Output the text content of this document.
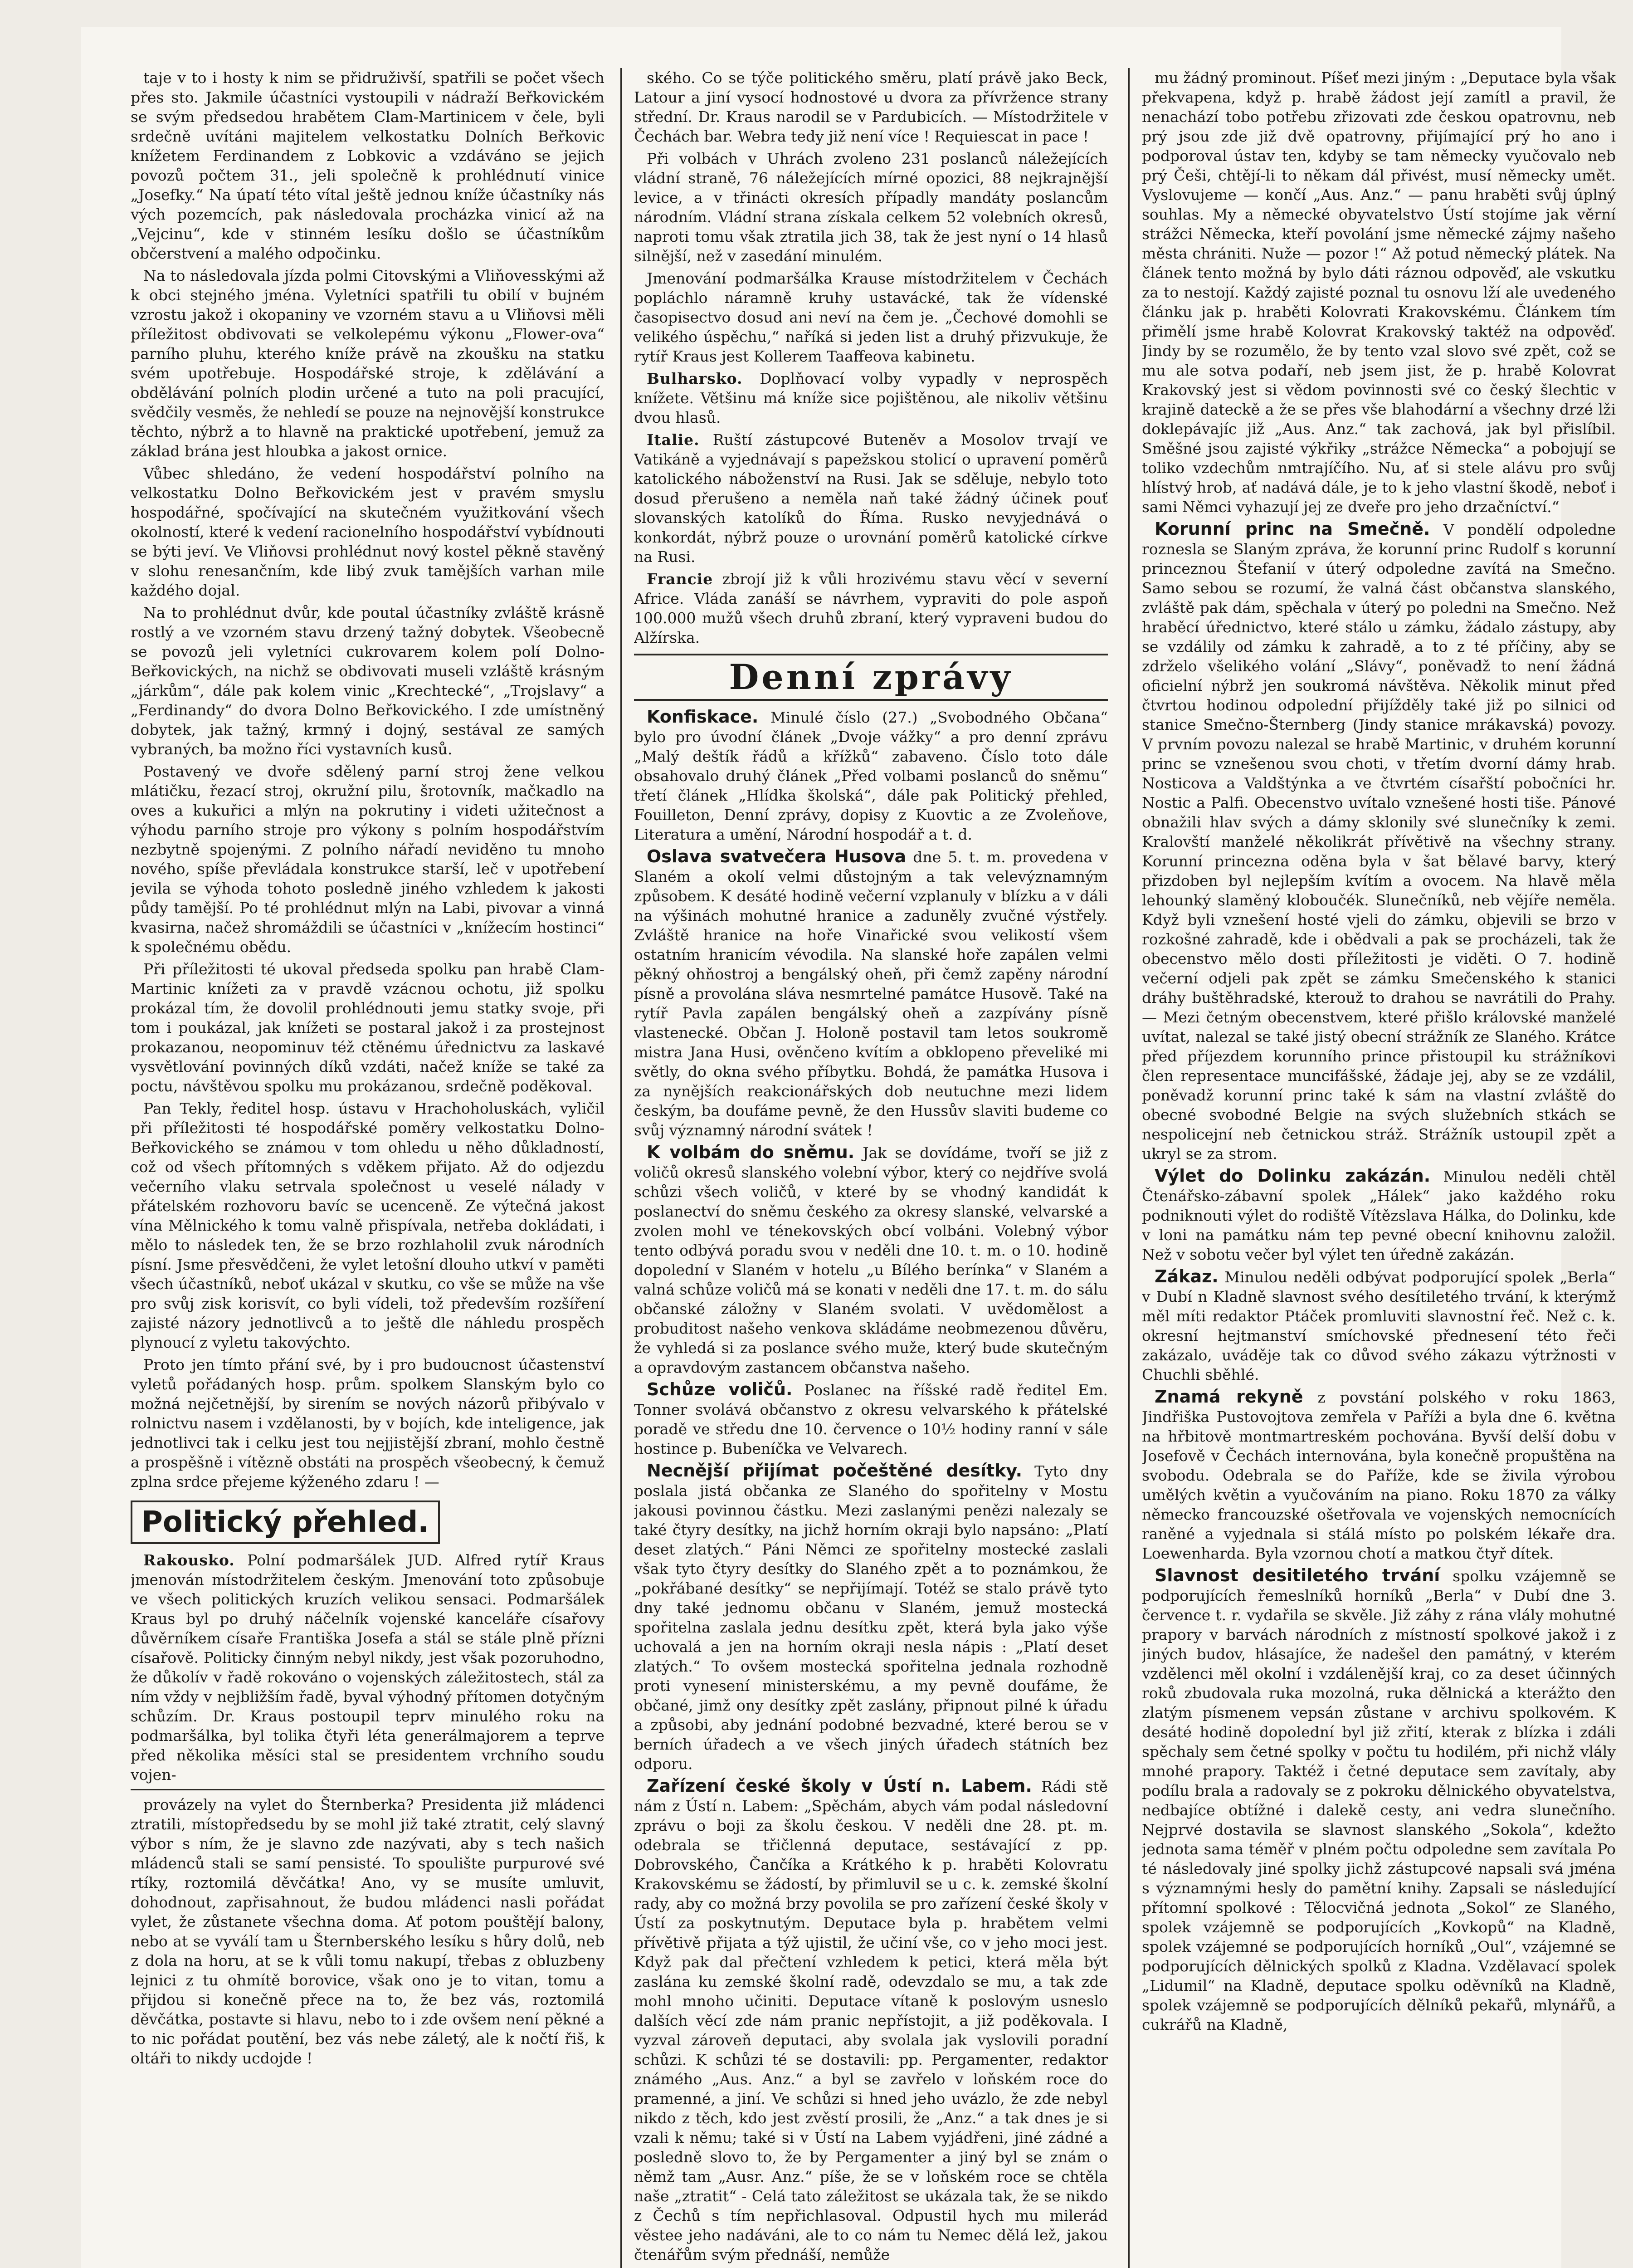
taje v to i hosty k nim se přidruživší, spatřili se počet všech přes sto. Jakmile účastníci vystoupili v nádraží Beřkovickém se svým předsedou hrabětem Clam-Martinicem v čele, byli srdečně uvítáni majitelem velkostatku Dolních Beřkovic knížetem Ferdinandem z Lobkovic a vzdáváno se jejich povozů počtem 31., jeli společně k prohlédnutí vinice „Josefky.“ Na úpatí této vítal ještě jednou kníže účastníky nás vých pozemcích, pak následovala procházka vinicí až na „Vejcinu“, kde v stinném lesíku došlo se účastníkům občerstvení a malého odpočinku.

Na to následovala jízda polmi Citovskými a Vliňovesskými až k obci stejného jména. Vyletníci spatřili tu obilí v bujném vzrostu jakož i okopaniny ve vzorném stavu a u Vliňovsi měli příležitost obdivovati se velkolepému výkonu „Flower-ova“ parního pluhu, kterého kníže právě na zkoušku na statku svém upotřebuje. Hospodářské stroje, k zdělávání a obdělávání polních plodin určené a tuto na poli pracující, svědčily vesměs, že nehledí se pouze na nejnovější konstrukce těchto, nýbrž a to hlavně na praktické upotřebení, jemuž za základ brána jest hloubka a jakost ornice.

Vůbec shledáno, že vedení hospodářství polního na velkostatku Dolno Beřkovickém jest v pravém smyslu hospodářné, spočívající na skutečném využitkování všech okolností, které k vedení racionelního hospodářství vybídnouti se býti jeví. Ve Vliňovsi prohlédnut nový kostel pěkně stavěný v slohu renesančním, kde libý zvuk tamějších varhan mile každého dojal.

Na to prohlédnut dvůr, kde poutal účastníky zvláště krásně rostlý a ve vzorném stavu drzený tažný dobytek. Všeobecně se povozů jeli vyletníci cukrovarem kolem polí Dolno-Beřkovických, na nichž se obdivovati museli vzláště krásným „járkům“, dále pak kolem vinic „Krechtecké“, „Trojslavy“ a „Ferdinandy“ do dvora Dolno Beřkovického. I zde umístněný dobytek, jak tažný, krmný i dojný, sestával ze samých vybraných, ba možno říci vystavních kusů.

Postavený ve dvoře sdělený parní stroj žene velkou mlátičku, řezací stroj, okružní pilu, šrotovník, mačkadlo na oves a kukuřici a mlýn na pokrutiny i videti užitečnost a výhodu parního stroje pro výkony s polním hospodářstvím nezbytně spojenými. Z polního nářadí neviděno tu mnoho nového, spíše převládala konstrukce starší, leč v upotřebení jevila se výhoda tohoto posledně jiného vzhledem k jakosti půdy tamější. Po té prohlédnut mlýn na Labi, pivovar a vinná kvasirna, načež shromáždili se účastníci v „knížecím hostinci“ k společnému obědu.

Při příležitosti té ukoval předseda spolku pan hrabě Clam-Martinic knížeti za v pravdě vzácnou ochotu, již spolku prokázal tím, že dovolil prohlédnouti jemu statky svoje, při tom i poukázal, jak knížeti se postaral jakož i za prostejnost prokazanou, neopominuv též ctěnému úřednictvu za laskavé vysvětlování povinných díků vzdáti, načež kníže se také za poctu, návštěvou spolku mu prokázanou, srdečně poděkoval.

Pan Tekly, ředitel hosp. ústavu v Hrachoholuskách, vyličil při příležitosti té hospodářské poměry velkostatku Dolno-Beřkovického se známou v tom ohledu u něho důkladností, což od všech přítomných s vděkem přijato. Až do odjezdu večerního vlaku setrvala společnost u veselé nálady v přátelském rozhovoru bavíc se ucenceně. Ze výtečná jakost vína Mělnického k tomu valně přispívala, netřeba dokládati, i mělo to následek ten, že se brzo rozhlaholil zvuk národních písní. Jsme přesvědčeni, že vylet letošní dlouho utkví v paměti všech účastníků, neboť ukázal v skutku, co vše se může na vše pro svůj zisk korisvít, co byli vídeli, tož především rozšíření zajisté názory jednotlivců a to ještě dle náhledu prospěch plynoucí z vyletu takovýchto.

Proto jen tímto přání své, by i pro budoucnost účastenství vyletů pořádaných hosp. prům. spolkem Slanským bylo co možná nejčetnější, by sirením se nových názorů přibývalo v rolnictvu nasem i vzdělanosti, by v bojích, kde inteligence, jak jednotlivci tak i celku jest tou nejjistější zbraní, mohlo čestně a prospěšně i vítězně obstáti na prospěch všeobecný, k čemuž zplna srdce přejeme kýženého zdaru ! —

Politický přehled.

Rakousko. Polní podmaršálek JUD. Alfred rytíř Kraus jmenován místodržitelem českým. Jmenování toto způsobuje ve všech politických kruzích velikou sensaci. Podmaršálek Kraus byl po druhý náčelník vojenské kanceláře císařovy důvěrníkem císaře Františka Josefa a stál se stále plně přízni císařově. Politicky činným nebyl nikdy, jest však pozoruhodno, že důkolív v řadě rokováno o vojenských záležitostech, stál za ním vždy v nejbližším řadě, byval výhodný přítomen dotyčným schůzím. Dr. Kraus postoupil teprv minulého roku na podmaršálka, byl tolika čtyři léta generálmajorem a teprve před několika měsíci stal se presidentem vrchního soudu vojen-

provázely na vylet do Šternberka? Presidenta již mládenci ztratili, místopředsedu by se mohl již také ztratit, celý slavný výbor s ním, že je slavno zde nazývati, aby s tech našich mládenců stali se samí pensisté. To spoulište purpurové své rtíky, roztomilá děvčátka! Ano, vy se musíte umluvit, dohodnout, zapřisahnout, že budou mládenci nasli pořádat vylet, že zůstanete všechna doma. Ať potom pouštějí balony, nebo at se vyválí tam u Šternberského lesíku s hůry dolů, neb z dola na horu, at se k vůli tomu nakupí, třebas z obluzbeny lejnici z tu ohmítě borovice, však ono je to vitan, tomu a přijdou si konečně přece na to, že bez vás, roztomilá děvčátka, postavte si hlavu, nebo to i zde ovšem není pěkné a to nic pořádat poutění, bez vás nebe záletý, ale k nočtí řiš, k oltáři to nikdy ucdojde !

ského. Co se týče politického směru, platí právě jako Beck, Latour a jiní vysocí hodnostové u dvora za přívržence strany střední. Dr. Kraus narodil se v Pardubicích. — Místodržitele v Čechách bar. Webra tedy již není více ! Requiescat in pace !

Při volbách v Uhrách zvoleno 231 poslanců náležejících vládní straně, 76 náležejících mírné opozici, 88 nejkrajnější levice, a v třinácti okresích případly mandáty poslancům národním. Vládní strana získala celkem 52 volebních okresů, naproti tomu však ztratila jich 38, tak že jest nyní o 14 hlasů silnější, než v zasedání minulém.

Jmenování podmaršálka Krause místodržitelem v Čechách popláchlo náramně kruhy ustavácké, tak že vídenské časopisectvo dosud ani neví na čem je. „Čechové domohli se velikého úspěchu,“ naříká si jeden list a druhý přizvukuje, že rytíř Kraus jest Kollerem Taaffeova kabinetu.

Bulharsko. Doplňovací volby vypadly v neprospěch knížete. Většinu má kníže sice pojištěnou, ale nikoliv většinu dvou hlasů.

Italie. Ruští zástupcové Buteněv a Mosolov trvají ve Vatikáně a vyjednávají s papežskou stolicí o upravení poměrů katolického náboženství na Rusi. Jak se sděluje, nebylo toto dosud přerušeno a neměla naň také žádný účinek pouť slovanských katolíků do Říma. Rusko nevyjednává o konkordát, nýbrž pouze o urovnání poměrů katolické církve na Rusi.

Francie zbrojí již k vůli hrozivému stavu věcí v severní Africe. Vláda zanáší se návrhem, vypraviti do pole aspoň 100.000 mužů všech druhů zbraní, který vypraveni budou do Alžírska.

Denní zprávy

Konfiskace. Minulé číslo (27.) „Svobodného Občana“ bylo pro úvodní článek „Dvoje vážky“ a pro denní zprávu „Malý deštík řádů a křížků“ zabaveno. Číslo toto dále obsahovalo druhý článek „Před volbami poslanců do sněmu“ třetí článek „Hlídka školská“, dále pak Politický přehled, Fouilleton, Denní zprávy, dopisy z Kuovtic a ze Zvoleňove, Literatura a umění, Národní hospodář a t. d.

Oslava svatvečera Husova dne 5. t. m. provedena v Slaném a okolí velmi důstojným a tak velevýznamným způsobem. K desáté hodině večerní vzplanuly v blízku a v dáli na výšinách mohutné hranice a zaduněly zvučné výstřely. Zvláště hranice na hoře Vinařické svou velikostí všem ostatním hranicím vévodila. Na slanské hoře zapálen velmi pěkný ohňostroj a bengálský oheň, při čemž zapěny národní písně a provolána sláva nesmrtelné památce Husově. Také na rytíř Pavla zapálen bengálský oheň a zazpívány písně vlastenecké. Občan J. Holoně postavil tam letos soukromě mistra Jana Husi, ověnčeno kvítím a obklopeno převeliké mi světly, do okna svého příbytku. Bohdá, že památka Husova i za nynějších reakcionářských dob neutuchne mezi lidem českým, ba doufáme pevně, že den Hussův slaviti budeme co svůj významný národní svátek !

K volbám do sněmu. Jak se dovídáme, tvoří se již z voličů okresů slanského volební výbor, který co nejdříve svolá schůzi všech voličů, v které by se vhodný kandidát k poslanectví do sněmu českého za okresy slanské, velvarské a zvolen mohl ve ténekovských obcí volbáni. Volebný výbor tento odbývá poradu svou v neděli dne 10. t. m. o 10. hodině dopolední v Slaném v hotelu „u Bílého berínka“ v Slaném a valná schůze voličů má se konati v neděli dne 17. t. m. do sálu občanské záložny v Slaném svolati. V uvědomělost a probuditost našeho venkova skládáme neobmezenou důvěru, že vyhledá si za poslance svého muže, který bude skutečným a opravdovým zastancem občanstva našeho.

Schůze voličů. Poslanec na říšské radě ředitel Em. Tonner svolává občanstvo z okresu velvarského k přátelské poradě ve středu dne 10. července o 10½ hodiny ranní v sále hostince p. Bubeníčka ve Velvarech.

Necnější přijímat počeštěné desítky. Tyto dny poslala jistá občanka ze Slaného do spořitelny v Mostu jakousi povinnou částku. Mezi zaslanými penězi nalezaly se také čtyry desítky, na jichž horním okraji bylo napsáno: „Platí deset zlatých.“ Páni Němci ze spořitelny mostecké zaslali však tyto čtyry desítky do Slaného zpět a to poznámkou, že „pokřábané desítky“ se nepřijímají. Totéž se stalo právě tyto dny také jednomu občanu v Slaném, jemuž mostecká spořitelna zaslala jednu desítku zpět, která byla jako výše uchovalá a jen na horním okraji nesla nápis : „Platí deset zlatých.“ To ovšem mostecká spořitelna jednala rozhodně proti vynesení ministerskému, a my pevně doufáme, že občané, jimž ony desítky zpět zaslány, připnout pilné k úřadu a způsobi, aby jednání podobné bezvadné, které berou se v berních úřadech a ve všech jiných úřadech státních bez odporu.

Zařízení české školy v Ústí n. Labem. Rádi stě nám z Ústí n. Labem: „Spěchám, abych vám podal následovní zprávu o boji za školu českou. V neděli dne 28. pt. m. odebrala se třičlenná deputace, sestávající z pp. Dobrovského, Čančíka a Krátkého k p. hraběti Kolovratu Krakovskému se žádostí, by přimluvil se u c. k. zemské školní rady, aby co možná brzy povolila se pro zařízení české školy v Ústí za poskytnutým. Deputace byla p. hrabětem velmi přívětivě přijata a týž ujistil, že učiní vše, co v jeho moci jest. Když pak dal přečtení vzhledem k petici, která měla být zaslána ku zemské školní radě, odevzdalo se mu, a tak zde mohl mnoho učiniti. Deputace vítaně k poslovým usneslo dalších věcí zde nám pranic nepřístojit, a již poděkovala. I vyzval zároveň deputaci, aby svolala jak vyslovili poradní schůzi. K schůzi té se dostavili: pp. Pergamenter, redaktor známého „Aus. Anz.“ a byl se zavřelo v loňském roce do pramenné, a jiní. Ve schůzi si hned jeho uvázlo, že zde nebyl nikdo z těch, kdo jest zvěstí prosili, že „Anz.“ a tak dnes je si vzali k němu; také si v Ústí na Labem vyjádřeni, jiné zádné a posledně slovo to, že by Pergamenter a jiný byl se znám o němž tam „Ausr. Anz.“ píše, že se v loňském roce se chtěla naše „ztratit“ - Celá tato záležitost se ukázala tak, že se nikdo z Čechů s tím nepřichlasoval. Odpustil hych mu milerád věstee jeho nadáváni, ale to co nám tu Nemec dělá lež, jakou čtenářům svým přednáší, nemůže

mu žádný prominout. Píšeť mezi jiným : „Deputace byla však překvapena, když p. hrabě žádost její zamítl a pravil, že nenachází tobo potřebu zřizovati zde českou opatrovnu, neb prý jsou zde již dvě opatrovny, přijímající prý ho ano i podporoval ústav ten, kdyby se tam německy vyučovalo neb prý Češi, chtějí-li to někam dál přivést, musí německy umět. Vyslovujeme — končí „Aus. Anz.“ — panu hraběti svůj úplný souhlas. My a německé obyvatelstvo Ústí stojíme jak věrní strážci Německa, kteří povolání jsme německé zájmy našeho města chrániti. Nuže — pozor !“ Až potud německý plátek. Na článek tento možná by bylo dáti ráznou odpověď, ale vskutku za to nestojí. Každý zajisté poznal tu osnovu lží ale uvedeného článku jak p. hraběti Kolovrati Krakovskému. Článkem tím přimělí jsme hrabě Kolovrat Krakovský taktéž na odpověď. Jindy by se rozumělo, že by tento vzal slovo své zpět, což se mu ale sotva podaří, neb jsem jist, že p. hrabě Kolovrat Krakovský jest si vědom povinnosti své co český šlechtic v krajině dateckě a že se přes vše blahodární a všechny drzé lži doklepávajíc již „Aus. Anz.“ tak zachová, jak byl přislíbil. Směšné jsou zajisté výkřiky „strážce Německa“ a pobojují se toliko vzdechům nmtrajíčího. Nu, ať si stele alávu pro svůj hlístvý hrob, ať nadává dále, je to k jeho vlastní škodě, neboť i sami Němci vyhazují jej ze dveře pro jeho drzačníctví.“

Korunní princ na Smečně. V pondělí odpoledne roznesla se Slaným zpráva, že korunní princ Rudolf s korunní princeznou Štefanií v úterý odpoledne zavítá na Smečno. Samo sebou se rozumí, že valná část občanstva slanského, zvláště pak dám, spěchala v úterý po poledni na Smečno. Než hraběcí úřednictvo, které stálo u zámku, žádalo zástupy, aby se vzdálily od zámku k zahradě, a to z té příčiny, aby se zdrželo všelikého volání „Slávy“, poněvadž to není žádná oficielní nýbrž jen soukromá návštěva. Několik minut před čtvrtou hodinou odpolední přijížděly také již po silnici od stanice Smečno-Šternberg (Jindy stanice mrákavská) povozy. V prvním povozu nalezal se hrabě Martinic, v druhém korunní princ se vznešenou svou choti, v třetím dvorní dámy hrab. Nosticova a Valdštýnka a ve čtvrtém císařští pobočníci hr. Nostic a Palfi. Obecenstvo uvítalo vznešené hosti tiše. Pánové obnažili hlav svých a dámy sklonily své slunečníky k zemi. Kralovští manželé několikrát přívětivě na všechny strany. Korunní princezna oděna byla v šat bělavé barvy, který přizdoben byl nejlepším kvítím a ovocem. Na hlavě měla lehounký slaměný kloboučék. Slunečníků, neb vějíře neměla. Když byli vznešení hosté vjeli do zámku, objevili se brzo v rozkošné zahradě, kde i obědvali a pak se procházeli, tak že obecenstvo mělo dosti příležitosti je viděti. O 7. hodině večerní odjeli pak zpět se zámku Smečenského k stanici dráhy buštěhradské, kterouž to drahou se navrátili do Prahy. — Mezi četným obecenstvem, které přišlo královské manželé uvítat, nalezal se také jistý obecní strážník ze Slaného. Krátce před příjezdem korunního prince přistoupil ku strážníkovi člen representace muncifášské, žádaje jej, aby se ze vzdálil, poněvadž korunní princ také k sám na vlastní zvláště do obecné svobodné Belgie na svých služebních stkách se nespolicejní neb četnickou stráž. Strážník ustoupil zpět a ukryl se za strom.

Výlet do Dolinku zakázán. Minulou neděli chtěl Čtenářsko-zábavní spolek „Hálek“ jako každého roku podniknouti výlet do rodiště Vítězslava Hálka, do Dolinku, kde v loni na památku nám tep pevné obecní knihovnu založil. Než v sobotu večer byl výlet ten úředně zakázán.

Zákaz. Minulou neděli odbývat podporující spolek „Berla“ v Dubí n Kladně slavnost svého desítiletého trvání, k kterýmž měl míti redaktor Ptáček promluviti slavnostní řeč. Než c. k. okresní hejtmanství smíchovské přednesení této řeči zakázalo, uváděje tak co důvod svého zákazu výtržnosti v Chuchli sběhlé.

Znamá rekyně z povstání polského v roku 1863, Jindřiška Pustovojtova zemřela v Paříži a byla dne 6. května na hřbitově montmartreském pochována. Byvší delší dobu v Josefově v Čechách internována, byla konečně propuštěna na svobodu. Odebrala se do Paříže, kde se živila výrobou umělých květin a vyučováním na piano. Roku 1870 za války německo francouzské ošetřovala ve vojenských nemocnících raněné a vyjednala si stálá místo po polském lékaře dra. Loewenharda. Byla vzornou chotí a matkou čtyř dítek.

Slavnost desitiletého trvání spolku vzájemně se podporujících řemeslníků horníků „Berla“ v Dubí dne 3. července t. r. vydařila se skvěle. Již záhy z rána vlály mohutné prapory v barvách národních z místností spolkové jakož i z jiných budov, hlásajíce, že nadešel den památný, v kterém vzdělenci měl okolní i vzdálenější kraj, co za deset účinných roků zbudovala ruka mozolná, ruka dělnická a kterážto den zlatým písmenem vepsán zůstane v archivu spolkovém. K desáté hodině dopolední byl již zřití, kterak z blízka i zdáli spěchaly sem četné spolky v počtu tu hodilém, při nichž vlály mnohé prapory. Taktéž i četné deputace sem zavítaly, aby podílu brala a radovaly se z pokroku dělnického obyvatelstva, nedbajíce obtížné i dalekě cesty, ani vedra slunečního. Nejprvé dostavila se slavnost slanského „Sokola“, kdežto jednota sama téměř v plném počtu odpoledne sem zavítala Po té následovaly jiné spolky jichž zástupcové napsali svá jména s významnými hesly do pamětní knihy. Zapsali se následující přítomní spolkové : Tělocvičná jednota „Sokol“ ze Slaného, spolek vzájemně se podporujících „Kovkopů“ na Kladně, spolek vzájemné se podporujících horníků „Oul“, vzájemné se podporujících dělnických spolků z Kladna. Vzdělavací spolek „Lidumil“ na Kladně, deputace spolku oděvníků na Kladně, spolek vzájemně se podporujících dělníků pekařů, mlynářů, a cukrářů na Kladně,
